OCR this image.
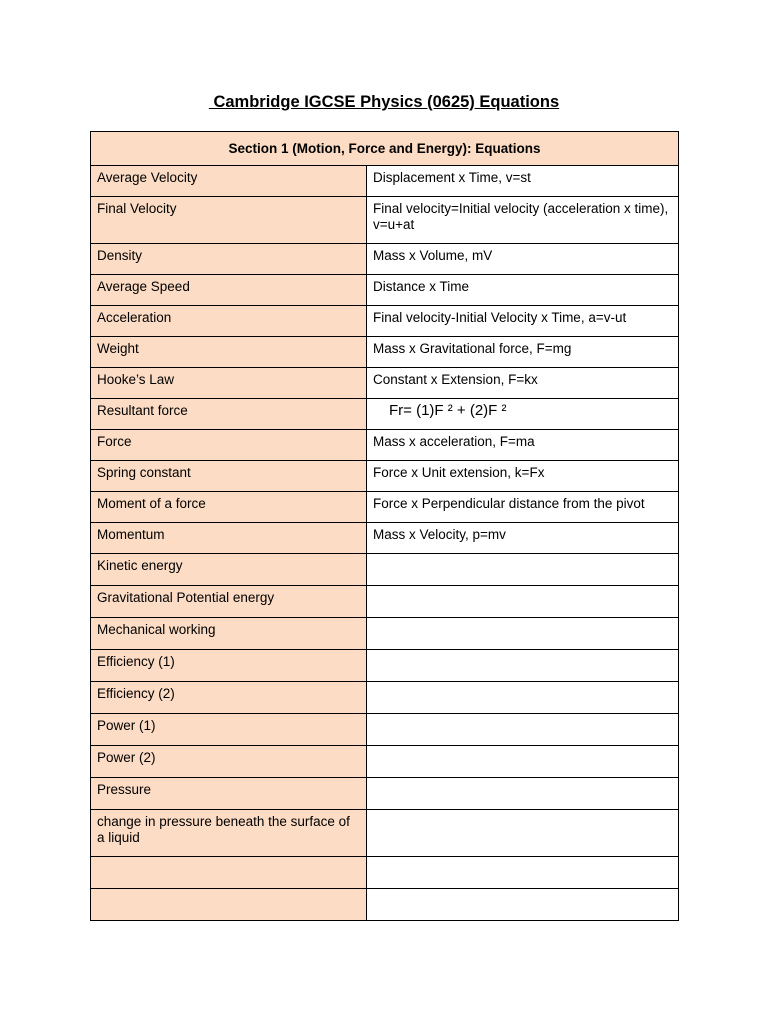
Cambridge IGCSE Physics (0625) Equations
Section 1 (Motion, Force and Energy): Equations	
Average Velocity	Displacement x Time, v=st
Final Velocity	Final velocity=Initial velocity (acceleration x time), v=u+at
Density	Mass x Volume, mV
Average Speed	Distance x Time
Acceleration	Final velocity-Initial Velocity x Time, a=v-ut
Weight	Mass x Gravitational force, F=mg
Hooke’s Law	Constant x Extension, F=kx
Resultant force	Fr= (1)F ² + (2)F ²
Force	Mass x acceleration, F=ma
Spring constant	Force x Unit extension, k=Fx
Moment of a force	Force x Perpendicular distance from the pivot
Momentum	Mass x Velocity, p=mv
Kinetic energy	
Gravitational Potential energy	
Mechanical working	
Efficiency (1)	
Efficiency (2)	
Power (1)	
Power (2)	
Pressure	
change in pressure beneath the surface of a liquid	
